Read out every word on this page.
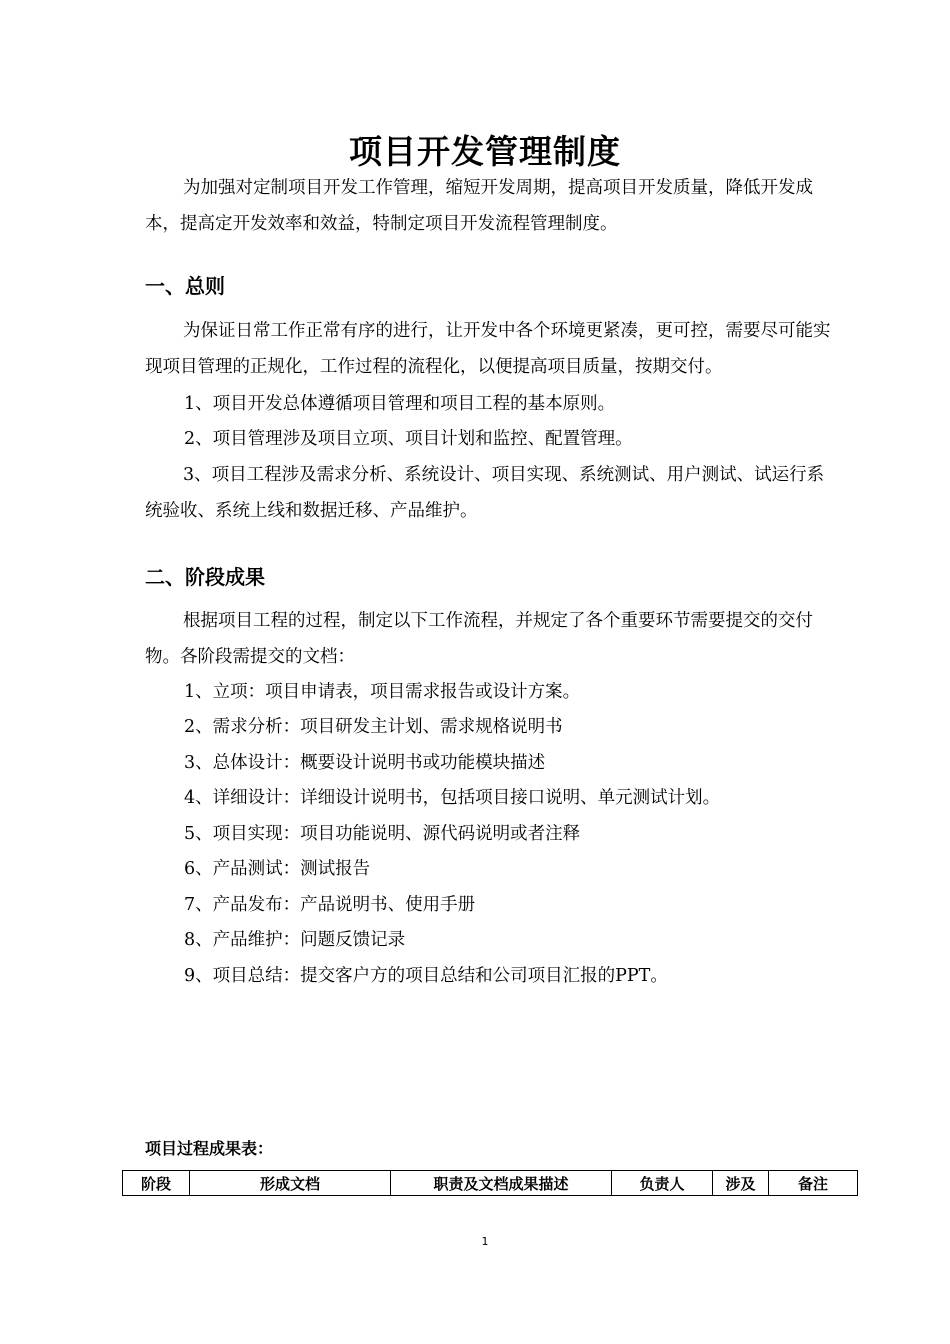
项目开发管理制度

为加强对定制项目开发工作管理，缩短开发周期，提高项目开发质量，降低开发成本，提高定开发效率和效益，特制定项目开发流程管理制度。

一、总则

为保证日常工作正常有序的进行，让开发中各个环境更紧凑，更可控，需要尽可能实现项目管理的正规化，工作过程的流程化，以便提高项目质量，按期交付。

1、项目开发总体遵循项目管理和项目工程的基本原则。

2、项目管理涉及项目立项、项目计划和监控、配置管理。

3、项目工程涉及需求分析、系统设计、项目实现、系统测试、用户测试、试运行系统验收、系统上线和数据迁移、产品维护。

二、阶段成果

根据项目工程的过程，制定以下工作流程，并规定了各个重要环节需要提交的交付物。各阶段需提交的文档：

1、立项：项目申请表，项目需求报告或设计方案。

2、需求分析：项目研发主计划、需求规格说明书

3、总体设计：概要设计说明书或功能模块描述

4、详细设计：详细设计说明书，包括项目接口说明、单元测试计划。

5、项目实现：项目功能说明、源代码说明或者注释

6、产品测试：测试报告

7、产品发布：产品说明书、使用手册

8、产品维护：问题反馈记录

9、项目总结：提交客户方的项目总结和公司项目汇报的PPT。

项目过程成果表：

阶段	形成文档	职责及文档成果描述	负责人	涉及	备注
1
